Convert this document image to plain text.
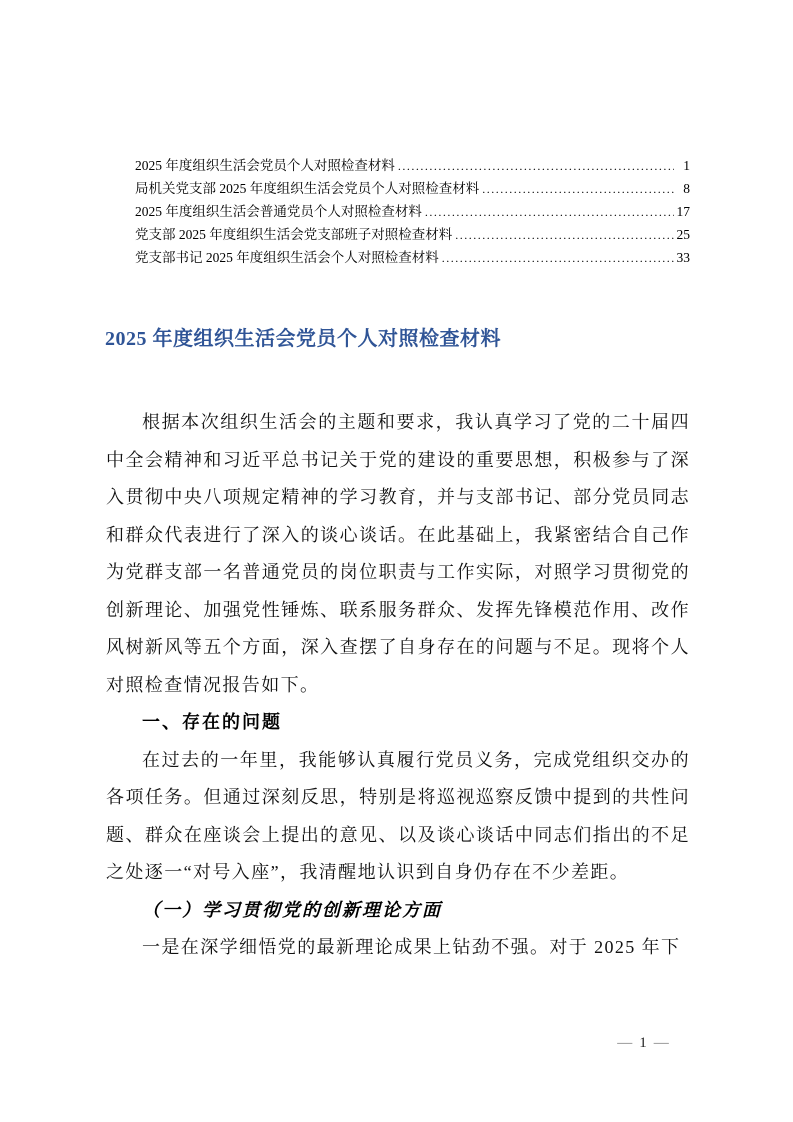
2025 年度组织生活会党员个人对照检查材料 .....	1
局机关党支部 2025 年度组织生活会党员个人对照检查材料 .....	8
2025 年度组织生活会普通党员个人对照检查材料 .....	17
党支部 2025 年度组织生活会党支部班子对照检查材料 .....	25
党支部书记 2025 年度组织生活会个人对照检查材料 .....	33
2025 年度组织生活会党员个人对照检查材料

根据本次组织生活会的主题和要求，我认真学习了党的二十届四中全会精神和习近平总书记关于党的建设的重要思想，积极参与了深入贯彻中央八项规定精神的学习教育，并与支部书记、部分党员同志和群众代表进行了深入的谈心谈话。在此基础上，我紧密结合自己作为党群支部一名普通党员的岗位职责与工作实际，对照学习贯彻党的创新理论、加强党性锤炼、联系服务群众、发挥先锋模范作用、改作风树新风等五个方面，深入查摆了自身存在的问题与不足。现将个人对照检查情况报告如下。

一、存在的问题

在过去的一年里，我能够认真履行党员义务，完成党组织交办的各项任务。但通过深刻反思，特别是将巡视巡察反馈中提到的共性问题、群众在座谈会上提出的意见、以及谈心谈话中同志们指出的不足之处逐一“对号入座”，我清醒地认识到自身仍存在不少差距。

（一）学习贯彻党的创新理论方面

一是在深学细悟党的最新理论成果上钻劲不强。对于 2025 年下

— 1 —
